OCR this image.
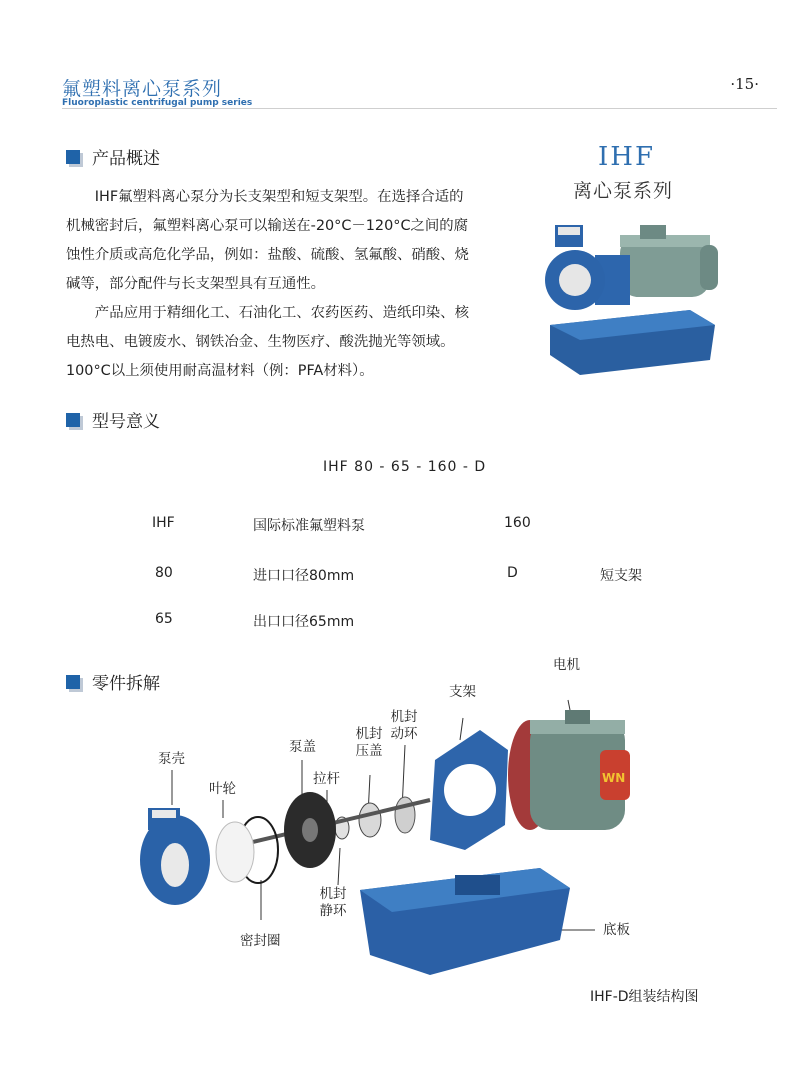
氟塑料离心泵系列
Fluoroplastic centrifugal pump series
·15·
产品概述

IHF氟塑料离心泵分为长支架型和短支架型。在选择合适的机械密封后，氟塑料离心泵可以输送在-20°C－120°C之间的腐蚀性介质或高危化学品，例如：盐酸、硫酸、氢氟酸、硝酸、烧碱等，部分配件与长支架型具有互通性。

产品应用于精细化工、石油化工、农药医药、造纸印染、核电热电、电镀废水、钢铁冶金、生物医疗、酸洗抛光等领域。100°C以上须使用耐高温材料（例：PFA材料）。

IHF
离心泵系列
型号意义
IHF 80 - 65 - 160 - D
IHF	国际标准氟塑料泵	160
80	进口口径80mm	D	短支架
65	出口口径65mm
零件拆解
WN
电机
支架
机封动环
机封压盖
泵盖
拉杆
泵壳
叶轮
机封静环
密封圈
底板
IHF-D组装结构图
